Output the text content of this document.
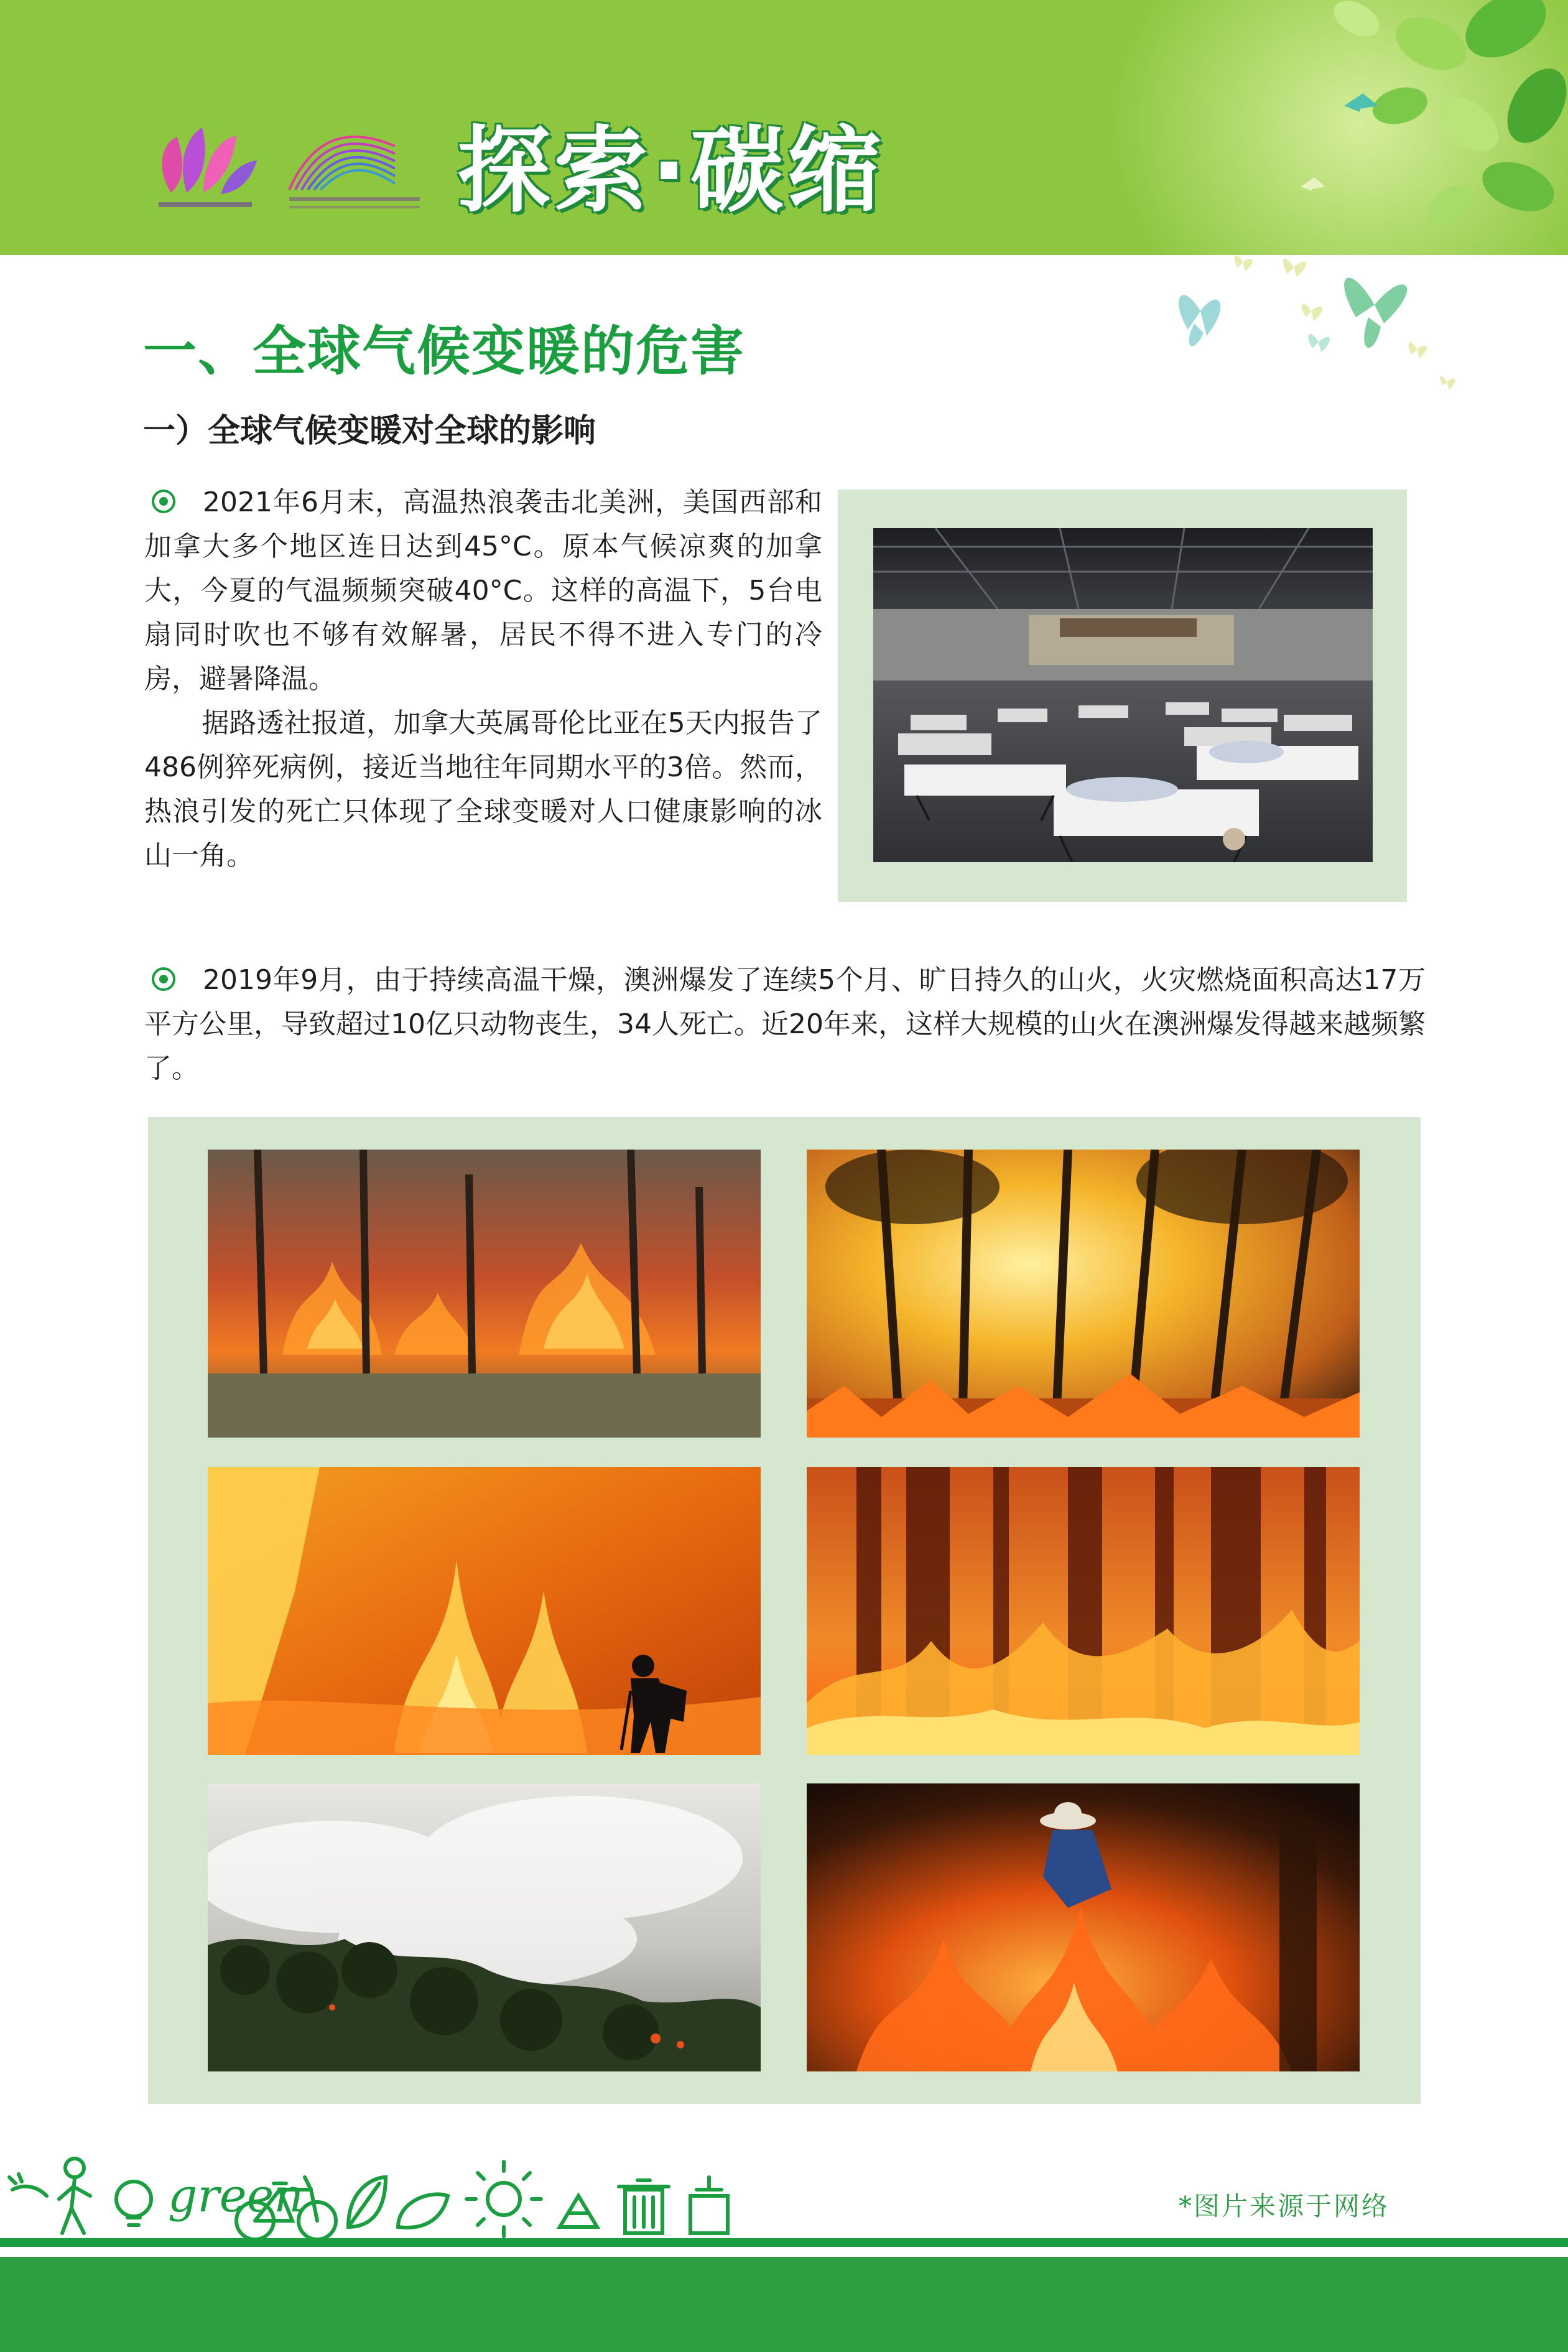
探索·碳缩
一、全球气候变暖的危害
一）全球气候变暖对全球的影响

2021年6月末，高温热浪袭击北美洲，美国西部和加拿大多个地区连日达到45°C。原本气候凉爽的加拿大，今夏的气温频频突破40°C。这样的高温下，5台电扇同时吹也不够有效解暑，居民不得不进入专门的冷房，避暑降温。

据路透社报道，加拿大英属哥伦比亚在5天内报告了486例猝死病例，接近当地往年同期水平的3倍。然而，热浪引发的死亡只体现了全球变暖对人口健康影响的冰山一角。

2019年9月，由于持续高温干燥，澳洲爆发了连续5个月、旷日持久的山火，火灾燃烧面积高达17万平方公里，导致超过10亿只动物丧生，34人死亡。近20年来，这样大规模的山火在澳洲爆发得越来越频繁了。

green	*图片来源于网络
